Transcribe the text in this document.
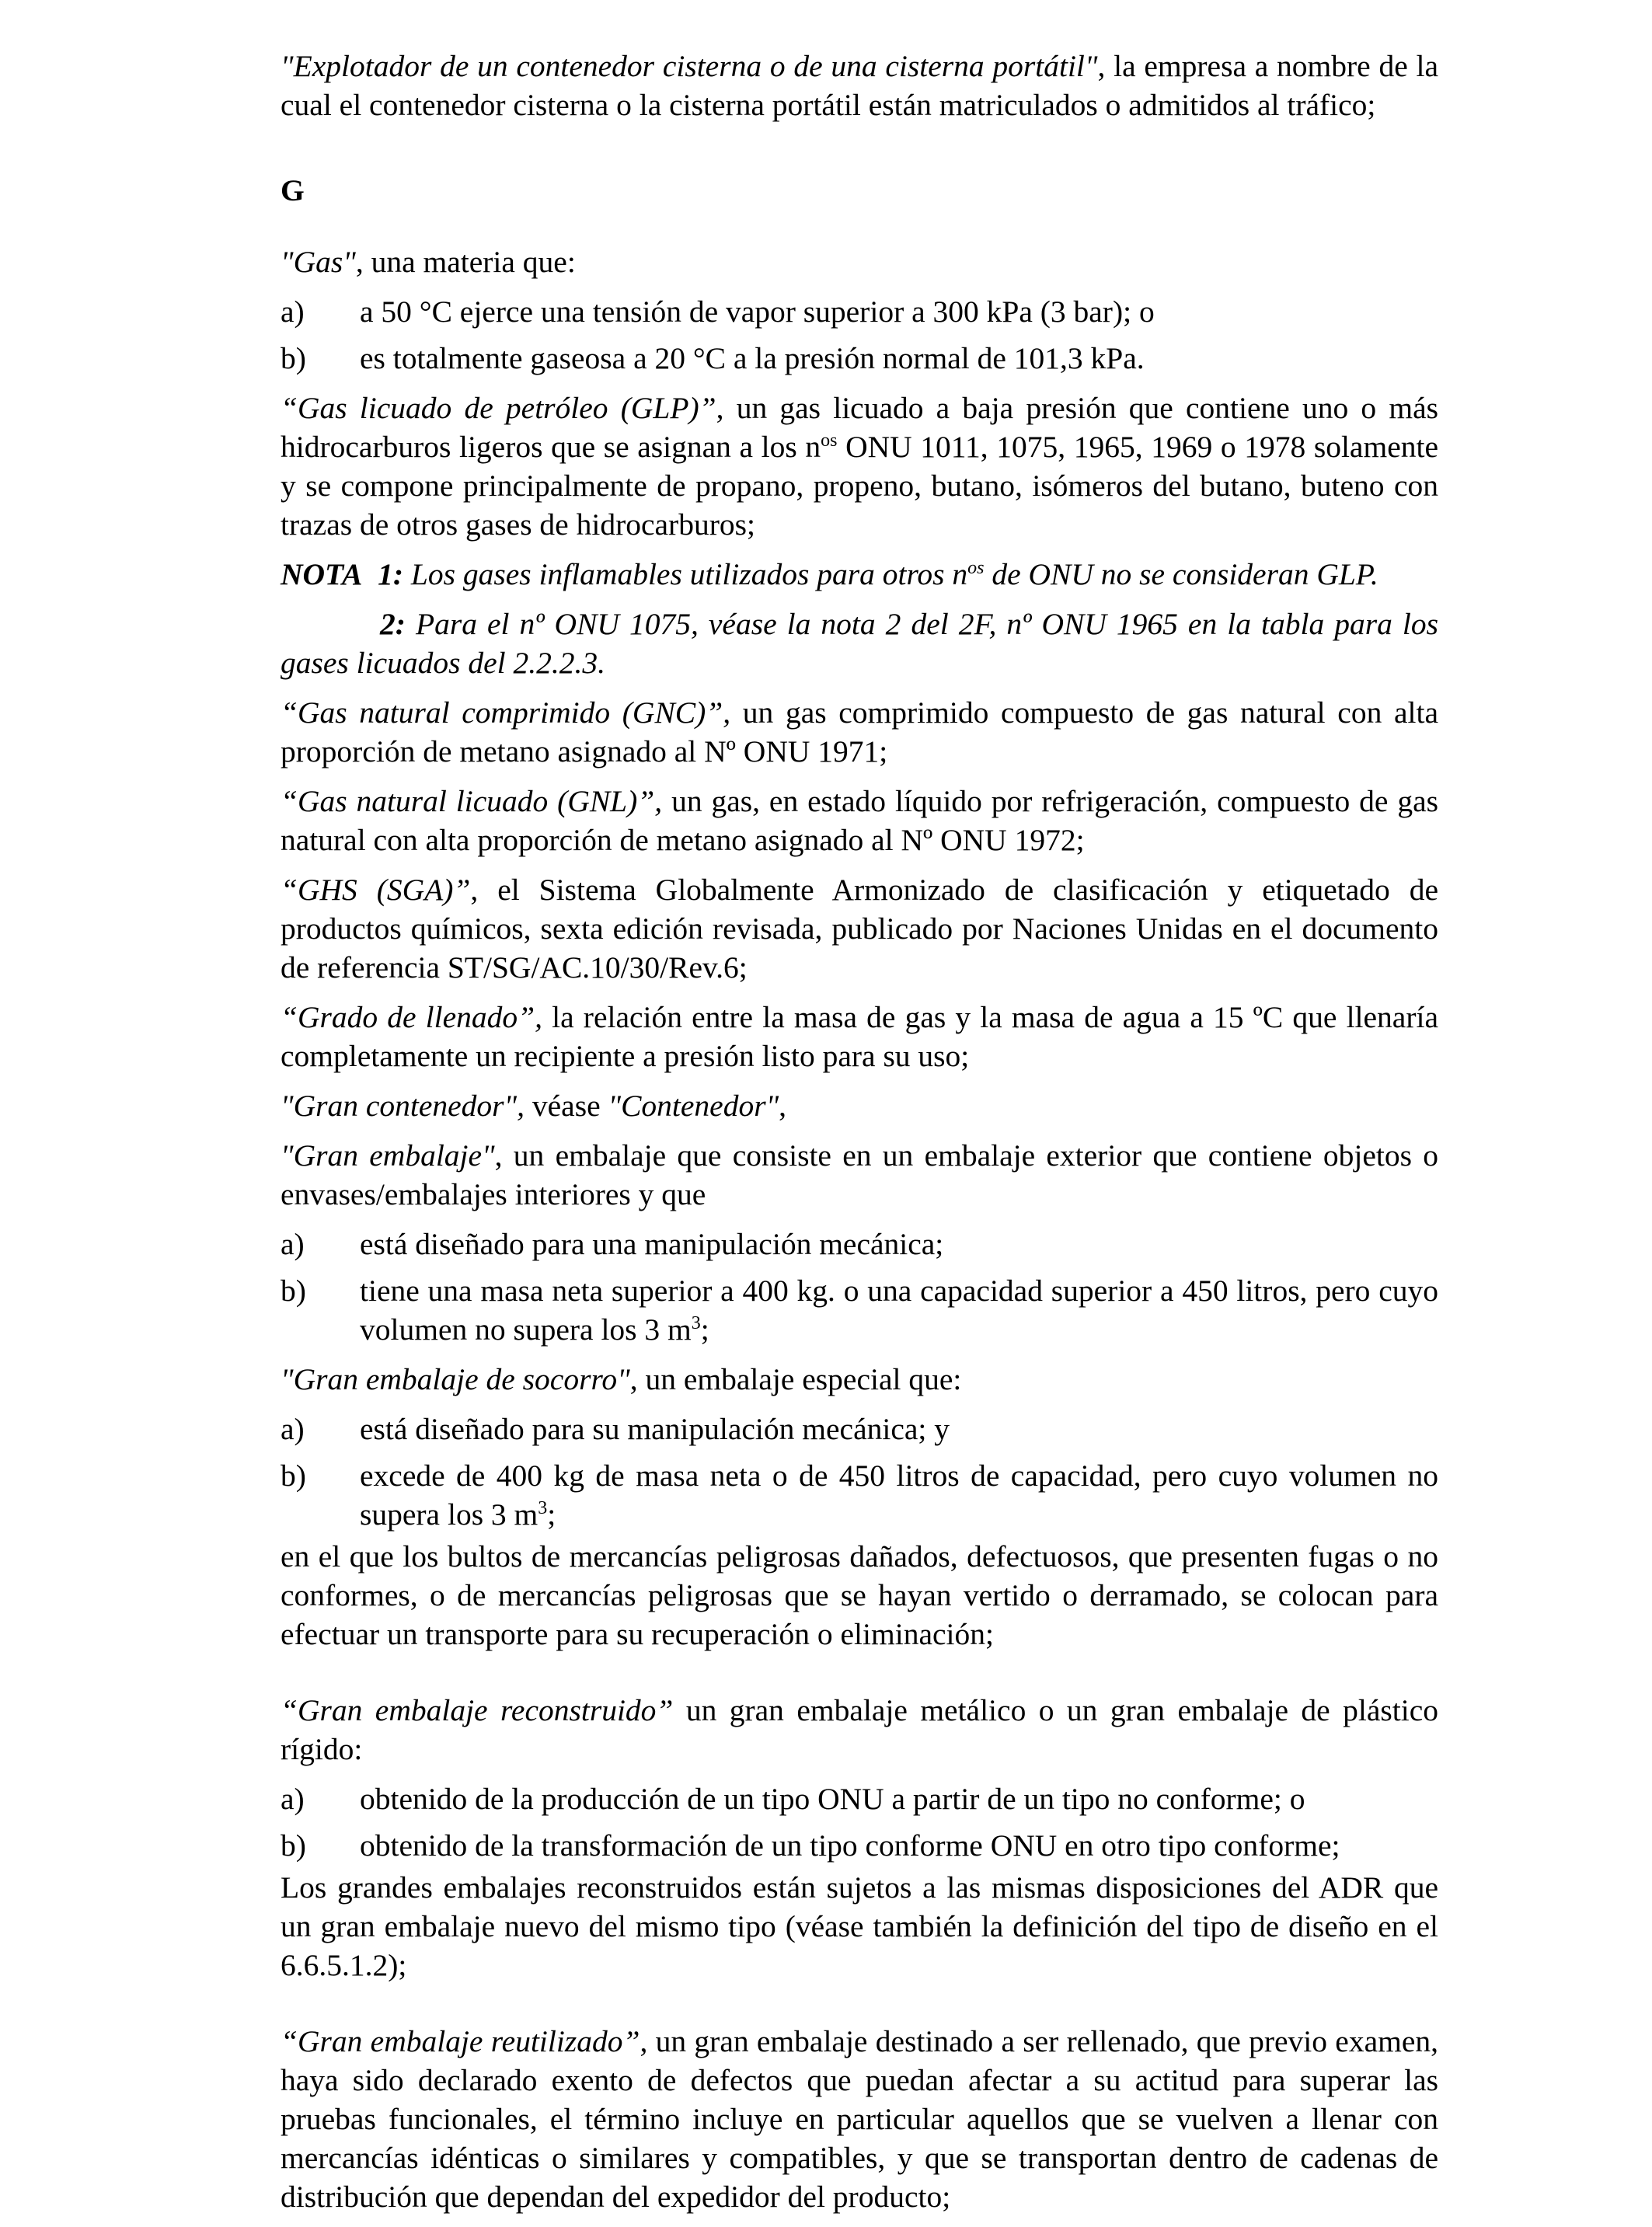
"Explotador de un contenedor cisterna o de una cisterna portátil", la empresa a nombre de la cual el contenedor cisterna o la cisterna portátil están matriculados o admitidos al tráfico;

G

"Gas", una materia que:

a)	a 50 °C ejerce una tensión de vapor superior a 300 kPa (3 bar); o
b)	es totalmente gaseosa a 20 °C a la presión normal de 101,3 kPa.

“Gas licuado de petróleo (GLP)”, un gas licuado a baja presión que contiene uno o más hidrocarburos ligeros que se asignan a los $n^{os}$ ONU 1011, 1075, 1965, 1969 o 1978 solamente y se compone principalmente de propano, propeno, butano, isómeros del butano, buteno con trazas de otros gases de hidrocarburos;

NOTA 1: Los gases inflamables utilizados para otros $n^{os}$ de ONU no se consideran GLP.

2: Para el nº ONU 1075, véase la nota 2 del 2F, nº ONU 1965 en la tabla para los gases licuados del 2.2.2.3.

“Gas natural comprimido (GNC)”, un gas comprimido compuesto de gas natural con alta proporción de metano asignado al Nº ONU 1971;

“Gas natural licuado (GNL)”, un gas, en estado líquido por refrigeración, compuesto de gas natural con alta proporción de metano asignado al Nº ONU 1972;

“GHS (SGA)”, el Sistema Globalmente Armonizado de clasificación y etiquetado de productos químicos, sexta edición revisada, publicado por Naciones Unidas en el documento de referencia ST/SG/AC.10/30/Rev.6;

“Grado de llenado”, la relación entre la masa de gas y la masa de agua a 15 ºC que llenaría completamente un recipiente a presión listo para su uso;

"Gran contenedor", véase "Contenedor",

"Gran embalaje", un embalaje que consiste en un embalaje exterior que contiene objetos o envases/embalajes interiores y que

a)	está diseñado para una manipulación mecánica;
b)	tiene una masa neta superior a 400 kg. o una capacidad superior a 450 litros, pero cuyo volumen no supera los 3 $m^3$;

"Gran embalaje de socorro", un embalaje especial que:

a)	está diseñado para su manipulación mecánica; y
b)	excede de 400 kg de masa neta o de 450 litros de capacidad, pero cuyo volumen no supera los 3 $m^3$;

en el que los bultos de mercancías peligrosas dañados, defectuosos, que presenten fugas o no conformes, o de mercancías peligrosas que se hayan vertido o derramado, se colocan para efectuar un transporte para su recuperación o eliminación;

“Gran embalaje reconstruido” un gran embalaje metálico o un gran embalaje de plástico rígido:

a)	obtenido de la producción de un tipo ONU a partir de un tipo no conforme; o
b)	obtenido de la transformación de un tipo conforme ONU en otro tipo conforme;

Los grandes embalajes reconstruidos están sujetos a las mismas disposiciones del ADR que un gran embalaje nuevo del mismo tipo (véase también la definición del tipo de diseño en el 6.6.5.1.2);

“Gran embalaje reutilizado”, un gran embalaje destinado a ser rellenado, que previo examen, haya sido declarado exento de defectos que puedan afectar a su actitud para superar las pruebas funcionales, el término incluye en particular aquellos que se vuelven a llenar con mercancías idénticas o similares y compatibles, y que se transportan dentro de cadenas de distribución que dependan del expedidor del producto;
